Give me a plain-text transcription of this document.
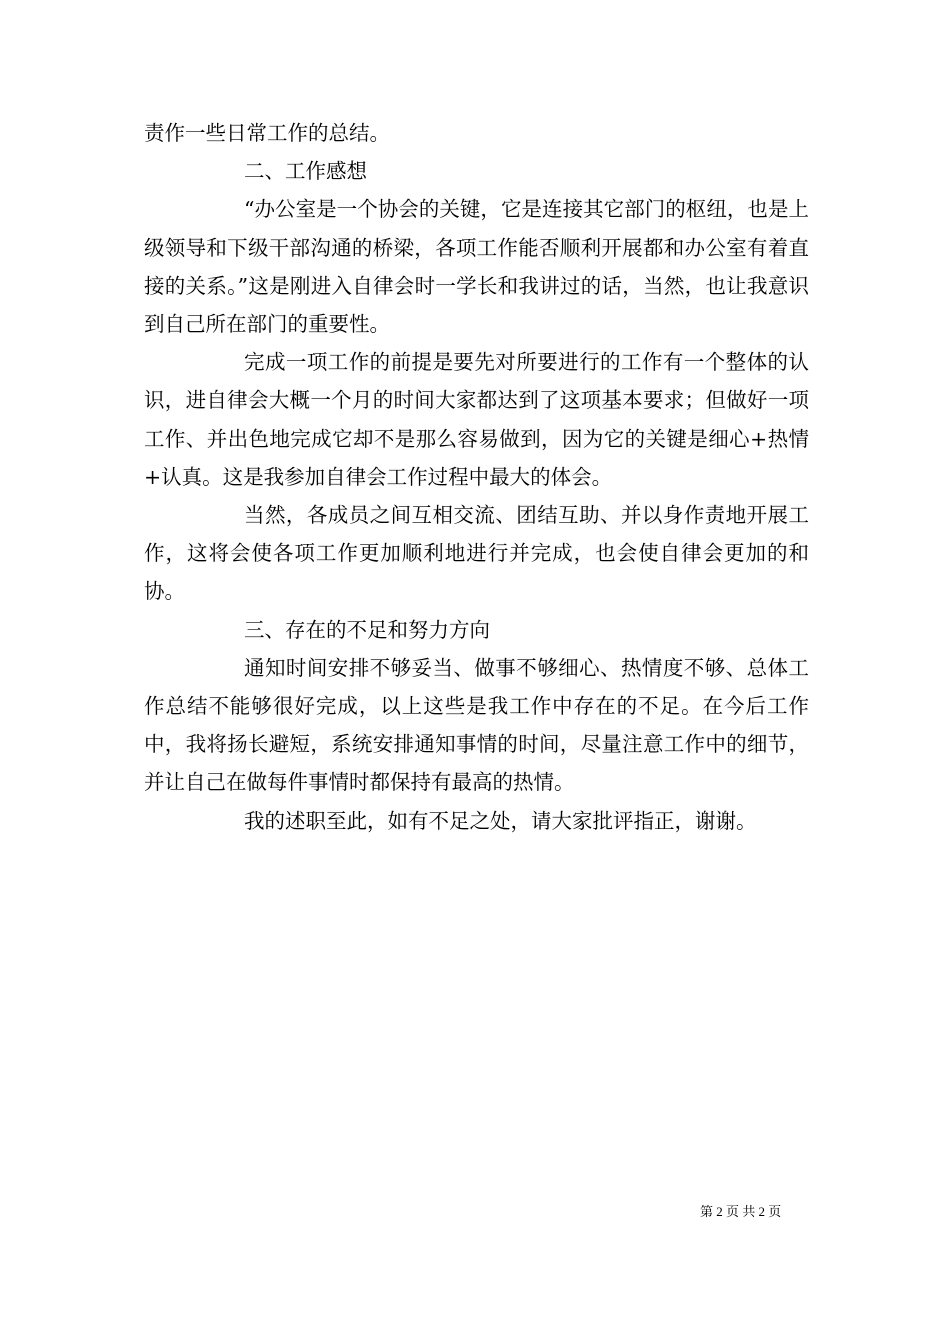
责作一些日常工作的总结。

二、工作感想

“办公室是一个协会的关键，它是连接其它部门的枢纽，也是上级领导和下级干部沟通的桥梁，各项工作能否顺利开展都和办公室有着直接的关系。”这是刚进入自律会时一学长和我讲过的话，当然，也让我意识到自己所在部门的重要性。

完成一项工作的前提是要先对所要进行的工作有一个整体的认识，进自律会大概一个月的时间大家都达到了这项基本要求；但做好一项工作、并出色地完成它却不是那么容易做到，因为它的关键是细心+热情+认真。这是我参加自律会工作过程中最大的体会。

当然，各成员之间互相交流、团结互助、并以身作责地开展工作，这将会使各项工作更加顺利地进行并完成，也会使自律会更加的和协。

三、存在的不足和努力方向

通知时间安排不够妥当、做事不够细心、热情度不够、总体工作总结不能够很好完成，以上这些是我工作中存在的不足。在今后工作中，我将扬长避短，系统安排通知事情的时间，尽量注意工作中的细节，并让自己在做每件事情时都保持有最高的热情。

我的述职至此，如有不足之处，请大家批评指正，谢谢。

第 2 页 共 2 页
